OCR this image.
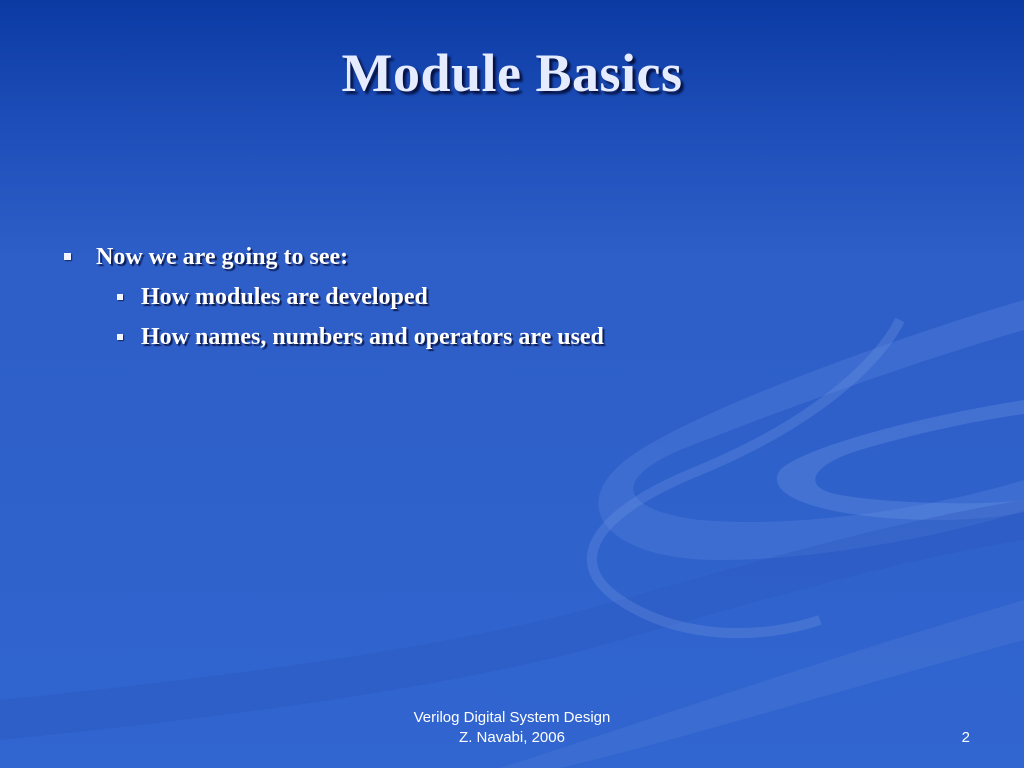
Module Basics
Now we are going to see:
How modules are developed
How names, numbers and operators are used
Verilog Digital System Design
Z. Navabi, 2006	2
